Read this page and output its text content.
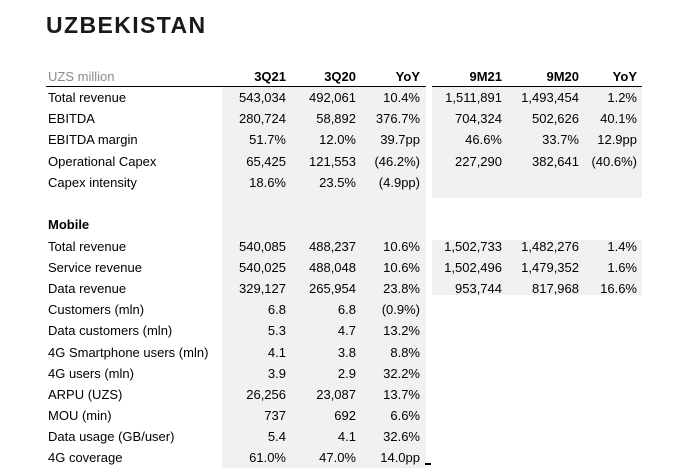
UZBEKISTAN
UZS million	3Q21	3Q20	YoY	9M21	9M20	YoY
Total revenue	543,034 492,061 10.4% 1,511,891 1,493,454 1.2%
EBITDA	280,724 58,892 376.7%	704,324 502,626 40.1%
EBITDA margin	51.7%	12.0% 39.7pp	46.6%	33.7% 12.9pp
Operational Capex	65,425 121,553 (46.2%)	227,290 382,641 (40.6%)
Capex intensity	18.6%	23.5% (4.9pp)
Mobile
Total revenue	540,085 488,237 10.6% 1,502,733 1,482,276 1.4%
Service revenue	540,025 488,048 10.6% 1,502,496 1,479,352 1.6%
Data revenue	329,127 265,954 23.8%	953,744 817,968 16.6%
Customers (mln)	6.8	6.8 (0.9%)
Data customers (mln)	5.3	4.7 13.2%
4G Smartphone users (mln)	4.1	3.8	8.8%
4G users (mln)	3.9	2.9 32.2%
ARPU (UZS)	26,256 23,087 13.7%
MOU (min)	737	692	6.6%
Data usage (GB/user)	5.4	4.1 32.6%
4G coverage	61.0%	47.0% 14.0pp
